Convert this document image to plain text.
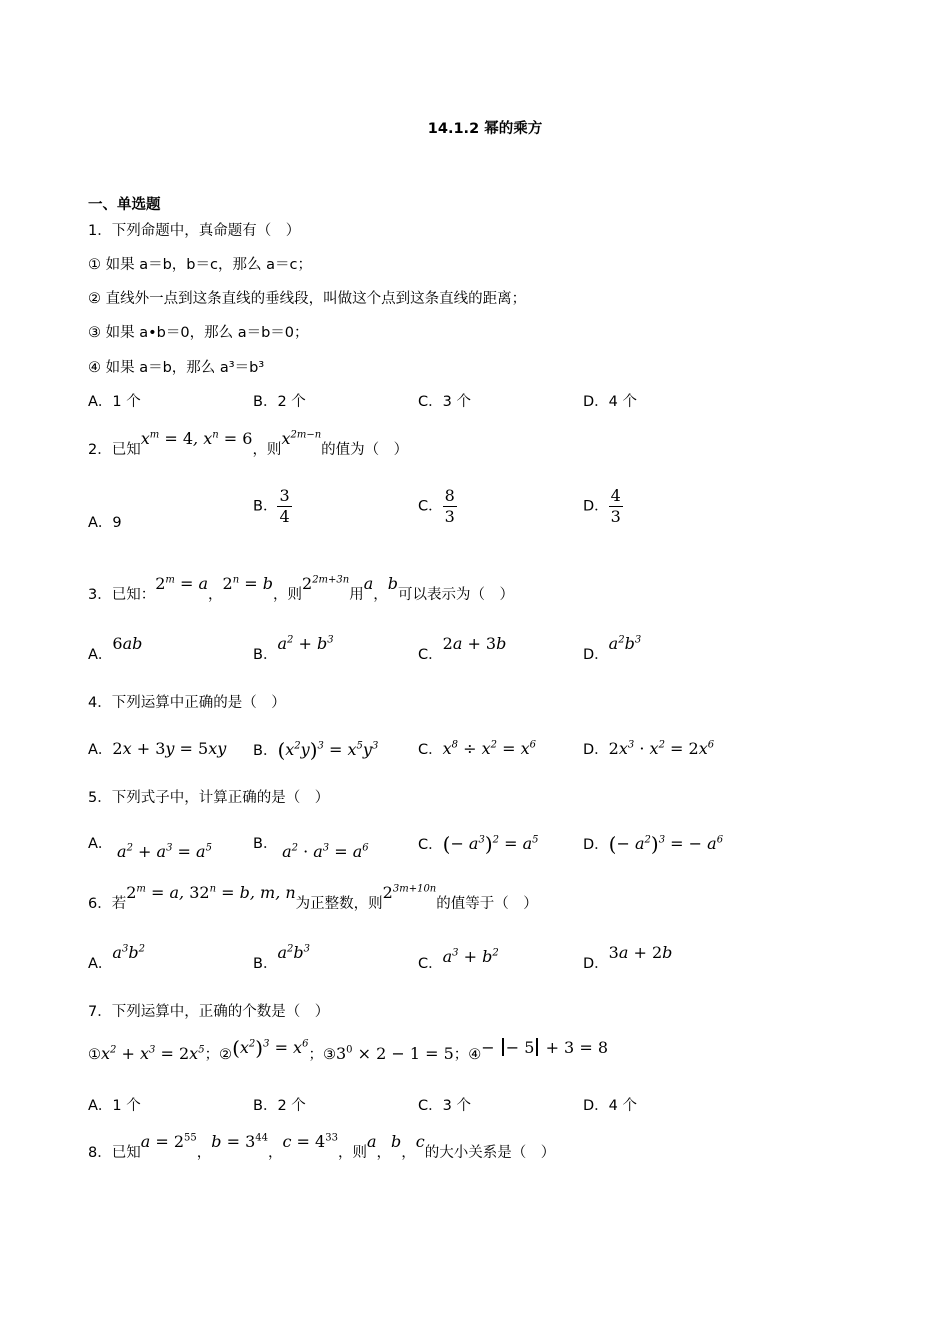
14.1.2 幂的乘方
一、单选题
1．下列命题中，真命题有（　）
① 如果 a＝b，b＝c，那么 a＝c；
② 直线外一点到这条直线的垂线段，叫做这个点到这条直线的距离；
③ 如果 a•b＝0，那么 a＝b＝0；
④ 如果 a＝b，那么 a³＝b³
A．1 个	B．2 个	C．3 个	D．4 个
2．已知$x^m = 4$, $x^n = 6$，则$x^{2m-n}$的值为（　）
A．9
B． $\frac{3}{4}$	C． $\frac{8}{3}$	D． $\frac{4}{3}$
3．已知：$2^m = a$，$2^n = b$，则$2^{2m+3n}$用a，b可以表示为（　）
A．6ab
B．$a^2 + b^3$
C．2a + 3b
D．$a^2b^3$
4．下列运算中正确的是（　）
A．2x + 3y = 5xy B．$(x^2y)^3 = x^5y^3$	C．$x^8 \div x^2 = x^6$	D．$2x^3 \cdot x^2 = 2x^6$
5．下列式子中，计算正确的是（　）
A． $a^2 + a^3 = a^5$	B． $a^2 \cdot a^3 = a^6$	C．(− $a^3)^2 = a^5$	D．(− $a^2)^3$ = − $a^6$
6．若$2^m = a$, $32^n = b$, m, n为正整数，则$2^{3m+10n}$的值等于（　）
A．$a^3b^2$
B．$a^2b^3$
C．$a^3 + b^2$
D．3a + 2b
7．下列运算中，正确的个数是（　）
$①x^2 + x^3 = 2x^5$；$②(x^2)^3 = x^6$；$③3^0 \times 2 - 1 = 5$；④− − 5 + 3 = 8
A．1 个	B．2 个	C．3 个	D．4 个
8．已知$a = 2^{55}$，$b = 3^{44}$，$c = 4^{33}$，则a，b，c的大小关系是（　）
